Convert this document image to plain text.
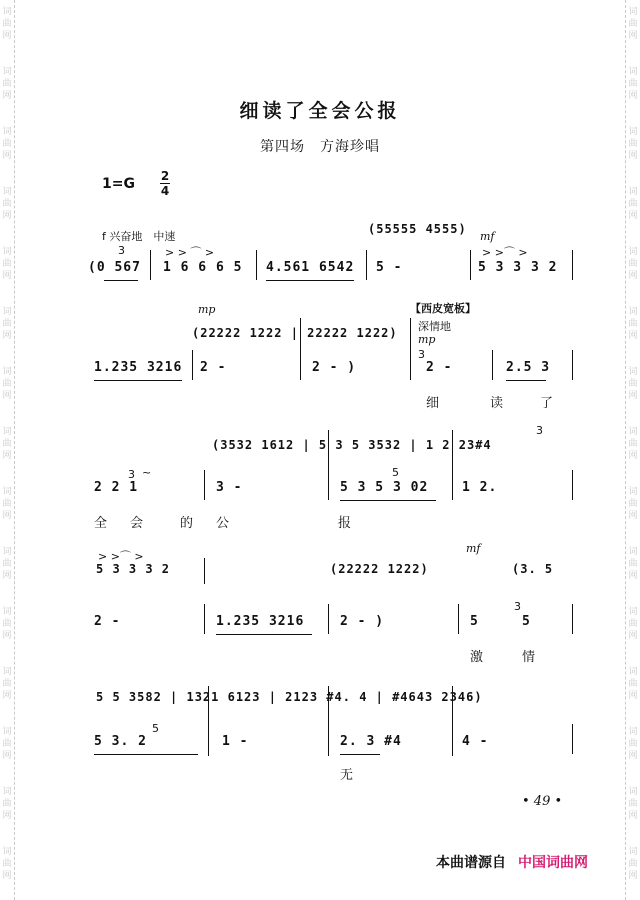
词
曲
网
词
曲
网
词
曲
网
词
曲
网
词
曲
网
词
曲
网
词
曲
网
词
曲
网
词
曲
网
词
曲
网
词
曲
网
词
曲
网
词
曲
网
词
曲
网
词
曲
网
词
曲
网
词
曲
网
词
曲
网
词
曲
网
词
曲
网
词
曲
网
词
曲
网
词
曲
网
词
曲
网
词
曲
网
词
曲
网
词
曲
网
词
曲
网
词
曲
网
词
曲
网
细读了全会公报
第四场　方海珍唱
1=G 2
4
f 兴奋地　中速
(55555 4555)
mf
> >⌒ >
> > ⌒ >
3
(0 567 1 6 6 6 5 4.561 6542 5 -	5 3 3 3 2
mp
(22222 1222 | 22222 1222)
【西皮宽板】
深情地
mp
1.235 3216 2 -	2 - )
3
2 -	2.5 3
细	读	了
(3532 1612 | 5 3 5 3532 | 1 2 23#4
3
3 ~
2 2 1	3 -
5
5 3 5 3 02	1 2.
全 会	的 公	报
> >⌒ >
5 3 3 3 2	(22222 1222)
mf
(3. 5
2 -	1.235 3216	2 - )	5
3
5
激	情
5 5 3582 | 1321 6123 | 2123 #4. 4 | #4643 2346)
5
5 3. 2	1 -	2. 3 #4	4 -
无
• 49 •
本曲谱源自 中国词曲网
